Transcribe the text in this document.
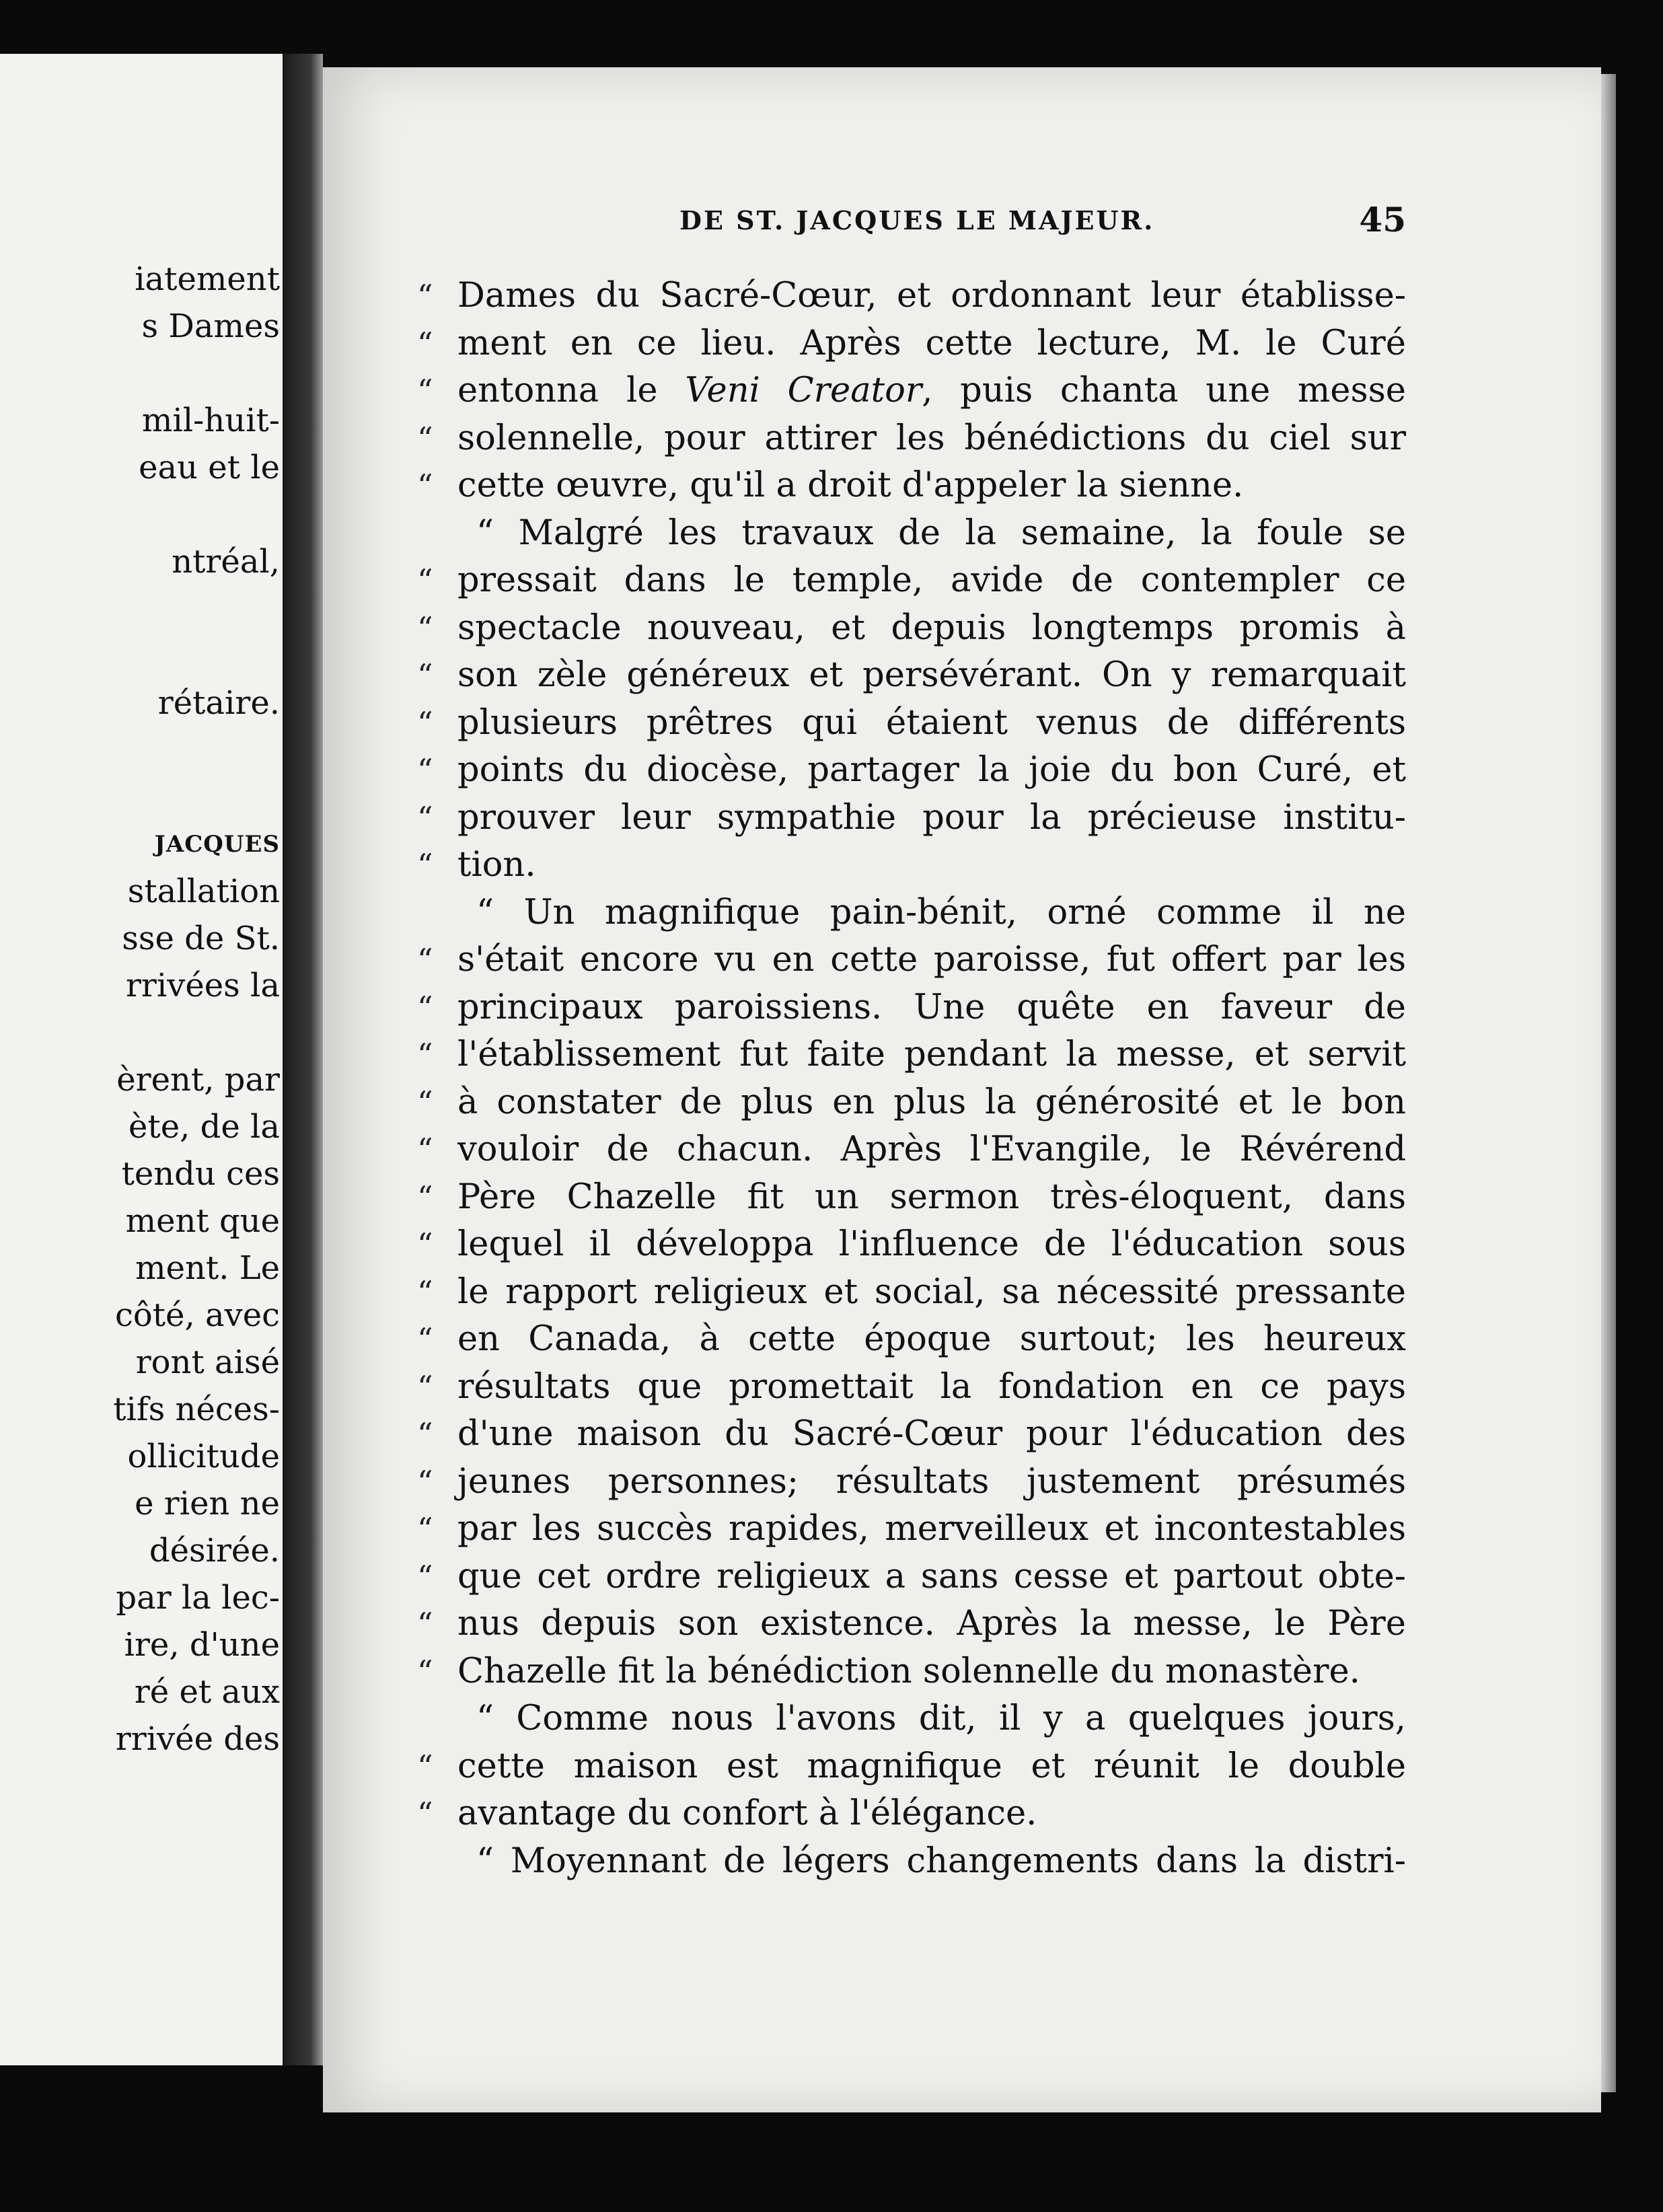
iatement
s Dames
mil-huit-
eau et le
ntréal,
rétaire.
JACQUES
stallation
sse de St.
rrivées la
èrent, par
ète, de la
tendu ces
ment que
ment. Le
côté, avec
ront aisé
tifs néces-
ollicitude
e rien ne
désirée.
par la lec-
ire, d'une
ré et aux
rrivée des
DE ST. JACQUES LE MAJEUR.	45
“ Dames du Sacré-Cœur, et ordonnant leur établisse-
“ ment en ce lieu. Après cette lecture, M. le Curé
“ entonna le Veni Creator, puis chanta une messe
“ solennelle, pour attirer les bénédictions du ciel sur
“ cette œuvre, qu'il a droit d'appeler la sienne.
“ Malgré les travaux de la semaine, la foule se
“ pressait dans le temple, avide de contempler ce
“ spectacle nouveau, et depuis longtemps promis à
“ son zèle généreux et persévérant. On y remarquait
“ plusieurs prêtres qui étaient venus de différents
“ points du diocèse, partager la joie du bon Curé, et
“ prouver leur sympathie pour la précieuse institu-
“ tion.
“ Un magnifique pain-bénit, orné comme il ne
“ s'était encore vu en cette paroisse, fut offert par les
“ principaux paroissiens. Une quête en faveur de
“ l'établissement fut faite pendant la messe, et servit
“ à constater de plus en plus la générosité et le bon
“ vouloir de chacun. Après l'Evangile, le Révérend
“ Père Chazelle fit un sermon très-éloquent, dans
“ lequel il développa l'influence de l'éducation sous
“ le rapport religieux et social, sa nécessité pressante
“ en Canada, à cette époque surtout; les heureux
“ résultats que promettait la fondation en ce pays
“ d'une maison du Sacré-Cœur pour l'éducation des
“ jeunes personnes; résultats justement présumés
“ par les succès rapides, merveilleux et incontestables
“ que cet ordre religieux a sans cesse et partout obte-
“ nus depuis son existence. Après la messe, le Père
“ Chazelle fit la bénédiction solennelle du monastère.
“ Comme nous l'avons dit, il y a quelques jours,
“ cette maison est magnifique et réunit le double
“ avantage du confort à l'élégance.
“ Moyennant de légers changements dans la distri-
